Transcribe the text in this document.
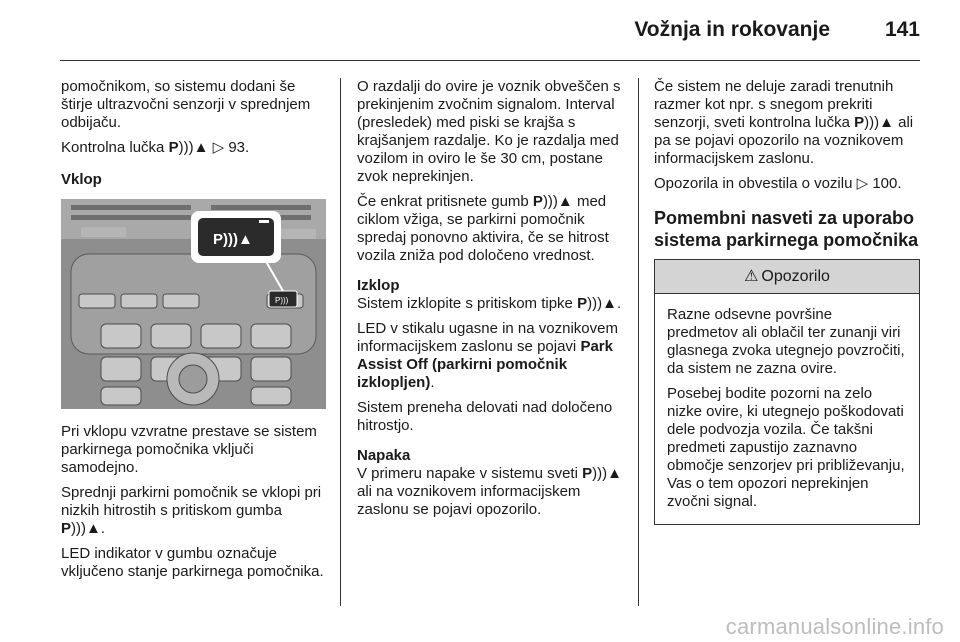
Vožnja in rokovanje	141

pomočnikom, so sistemu dodani še štirje ultrazvočni senzorji v sprednjem odbijaču.

Kontrolna lučka P)))▲ ▷ 93.

Vklop
P)))
P)))▲

Pri vklopu vzvratne prestave se sistem parkirnega pomočnika vključi samodejno.

Sprednji parkirni pomočnik se vklopi pri nizkih hitrostih s pritiskom gumba P)))▲.

LED indikator v gumbu označuje vključeno stanje parkirnega pomočnika.

O razdalji do ovire je voznik obveščen s prekinjenim zvočnim signalom. Interval (presledek) med piski se krajša s krajšanjem razdalje. Ko je razdalja med vozilom in oviro le še 30 cm, postane zvok neprekinjen.

Če enkrat pritisnete gumb P)))▲ med ciklom vžiga, se parkirni pomočnik spredaj ponovno aktivira, če se hitrost vozila zniža pod določeno vrednost.

Izklop

Sistem izklopite s pritiskom tipke P)))▲.

LED v stikalu ugasne in na voznikovem informacijskem zaslonu se pojavi Park Assist Off (parkirni pomočnik izklopljen).

Sistem preneha delovati nad določeno hitrostjo.

Napaka

V primeru napake v sistemu sveti P)))▲ ali na voznikovem informacijskem zaslonu se pojavi opozorilo.

Če sistem ne deluje zaradi trenutnih razmer kot npr. s snegom prekriti senzorji, sveti kontrolna lučka P)))▲ ali pa se pojavi opozorilo na voznikovem informacijskem zaslonu.

Opozorila in obvestila o vozilu ▷ 100.

Pomembni nasveti za uporabo sistema parkirnega pomočnika
⚠ Opozorilo

Razne odsevne površine predmetov ali oblačil ter zunanji viri glasnega zvoka utegnejo povzročiti, da sistem ne zazna ovire.

Posebej bodite pozorni na zelo nizke ovire, ki utegnejo poškodovati dele podvozja vozila. Če takšni predmeti zapustijo zaznavno območje senzorjev pri približevanju, Vas o tem opozori neprekinjen zvočni signal.

carmanualsonline.info
